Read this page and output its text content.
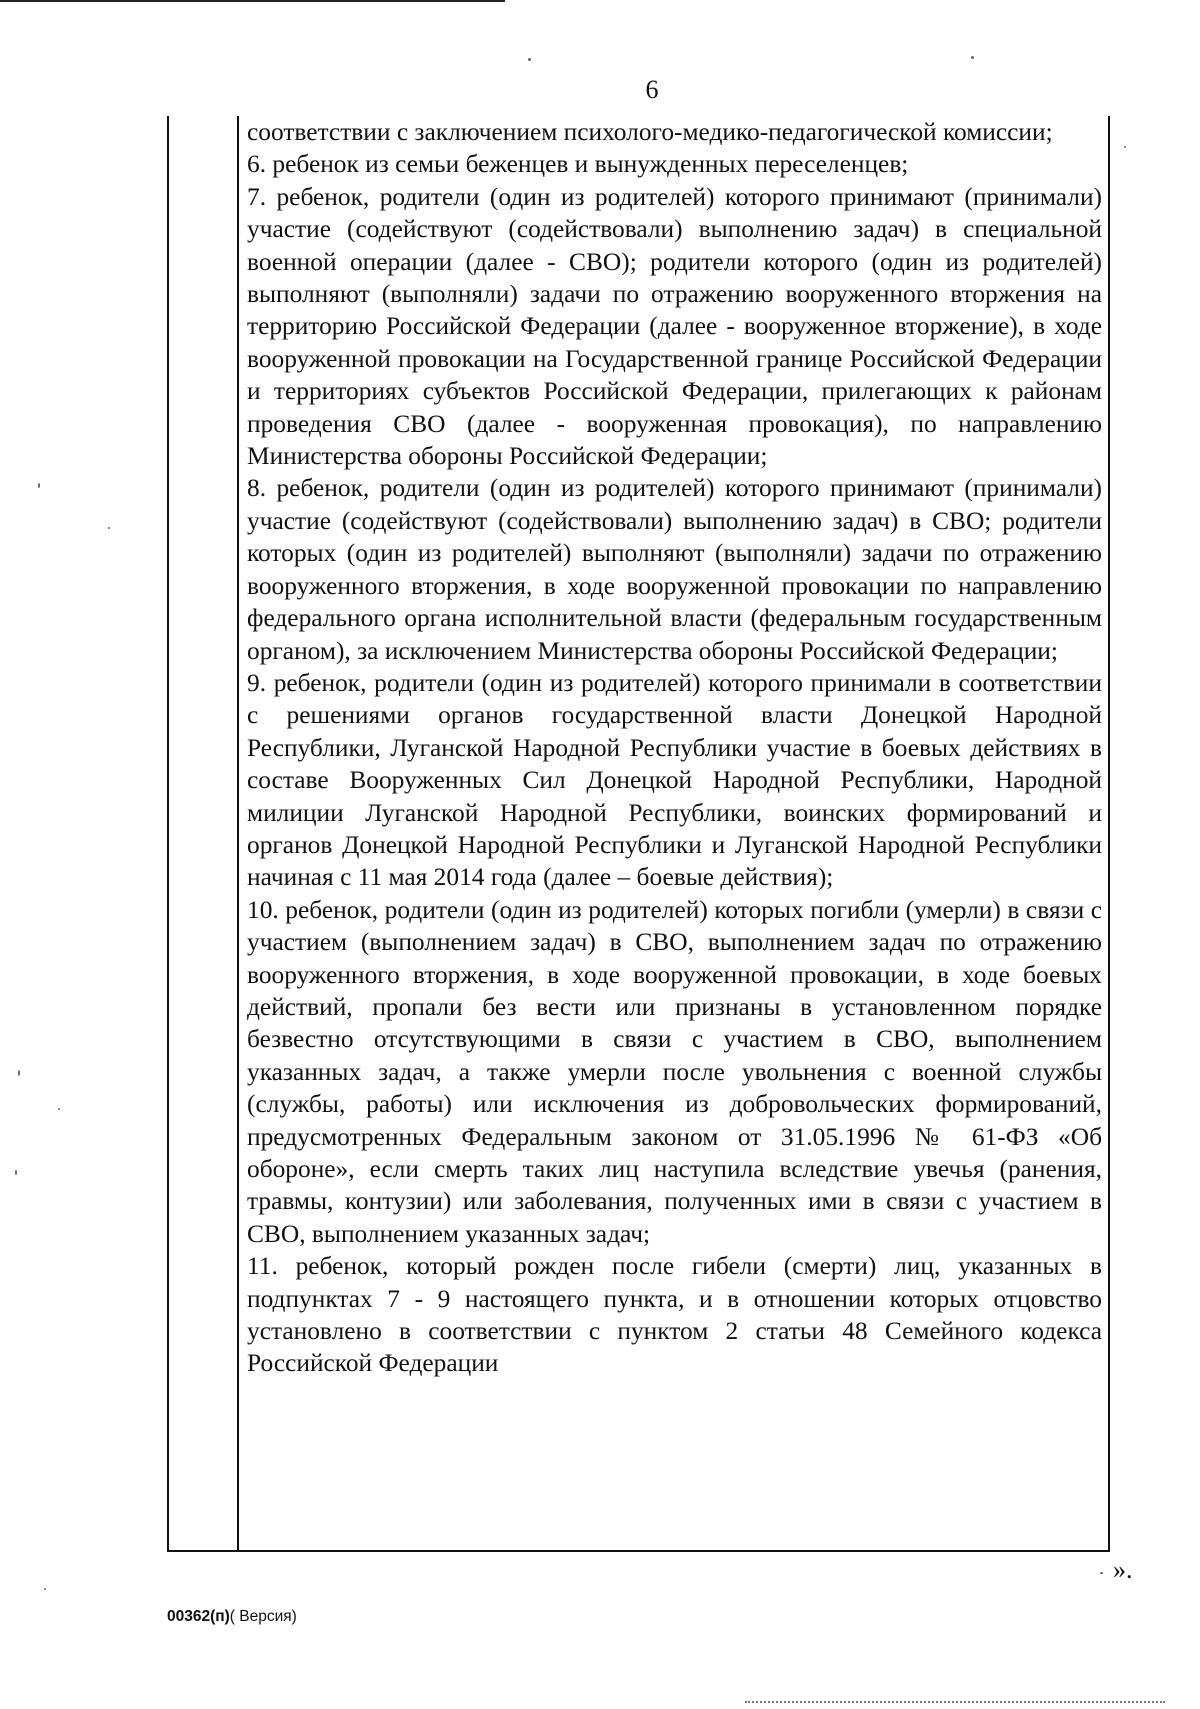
6

соответствии с заключением психолого-медико-педагогической комиссии;

6. ребенок из семьи беженцев и вынужденных переселенцев;

7. ребенок, родители (один из родителей) которого принимают (принимали) участие (содействуют (содействовали) выполнению задач) в специальной военной операции (далее - СВО); родители которого (один из родителей) выполняют (выполняли) задачи по отражению вооруженного вторжения на территорию Российской Федерации (далее - вооруженное вторжение), в ходе вооруженной провокации на Государственной границе Российской Федерации и территориях субъектов Российской Федерации, прилегающих к районам проведения СВО (далее - вооруженная провокация), по направлению Министерства обороны Российской Федерации;

8. ребенок, родители (один из родителей) которого принимают (принимали) участие (содействуют (содействовали) выполнению задач) в СВО; родители которых (один из родителей) выполняют (выполняли) задачи по отражению вооруженного вторжения, в ходе вооруженной провокации по направлению федерального органа исполнительной власти (федеральным государственным органом), за исключением Министерства обороны Российской Федерации;

9. ребенок, родители (один из родителей) которого принимали в соответствии с решениями органов государственной власти Донецкой Народной Республики, Луганской Народной Республики участие в боевых действиях в составе Вооруженных Сил Донецкой Народной Республики, Народной милиции Луганской Народной Республики, воинских формирований и органов Донецкой Народной Республики и Луганской Народной Республики начиная с 11 мая 2014 года (далее – боевые действия);

10. ребенок, родители (один из родителей) которых погибли (умерли) в связи с участием (выполнением задач) в СВО, выполнением задач по отражению вооруженного вторжения, в ходе вооруженной провокации, в ходе боевых действий, пропали без вести или признаны в установленном порядке безвестно отсутствующими в связи с участием в СВО, выполнением указанных задач, а также умерли после увольнения с военной службы (службы, работы) или исключения из добровольческих формирований, предусмотренных Федеральным законом от 31.05.1996 № 61-ФЗ «Об обороне», если смерть таких лиц наступила вследствие увечья (ранения, травмы, контузии) или заболевания, полученных ими в связи с участием в СВО, выполнением указанных задач;

11. ребенок, который рожден после гибели (смерти) лиц, указанных в подпунктах 7 - 9 настоящего пункта, и в отношении которых отцовство установлено в соответствии с пунктом 2 статьи 48 Семейного кодекса Российской Федерации

».
00362(п)( Версия)
